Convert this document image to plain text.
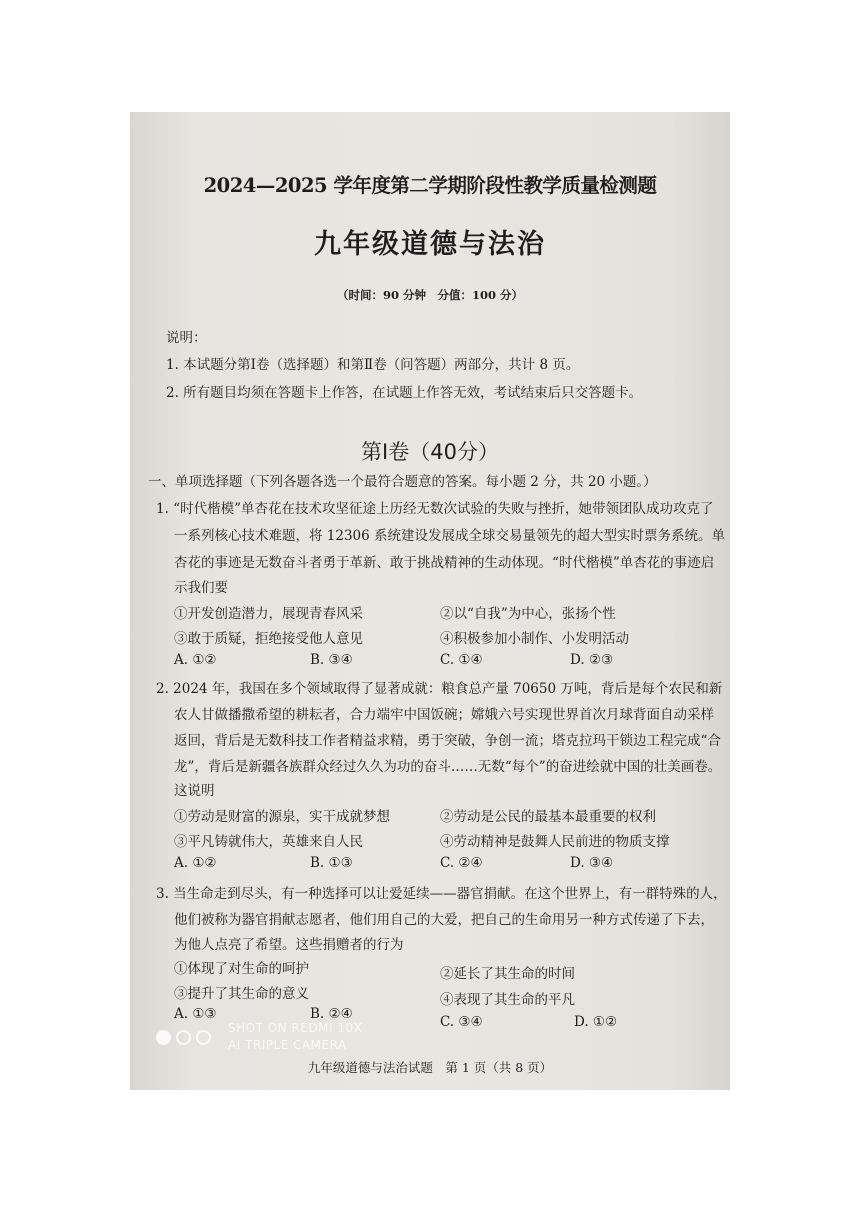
2024—2025 学年度第二学期阶段性教学质量检测题
九年级道德与法治
（时间：90 分钟　分值：100 分）
说明：
1. 本试题分第Ⅰ卷（选择题）和第Ⅱ卷（问答题）两部分，共计 8 页。
2. 所有题目均须在答题卡上作答，在试题上作答无效，考试结束后只交答题卡。
第Ⅰ卷（40分）
一、单项选择题（下列各题各选一个最符合题意的答案。每小题 2 分，共 20 小题。）
1. “时代楷模”单杏花在技术攻坚征途上历经无数次试验的失败与挫折，她带领团队成功攻克了
一系列核心技术难题，将 12306 系统建设发展成全球交易量领先的超大型实时票务系统。单
杏花的事迹是无数奋斗者勇于革新、敢于挑战精神的生动体现。“时代楷模”单杏花的事迹启
示我们要
①开发创造潜力，展现青春风采	②以“自我”为中心，张扬个性
③敢于质疑，拒绝接受他人意见	④积极参加小制作、小发明活动
A. ①②	B. ③④	C. ①④	D. ②③
2. 2024 年，我国在多个领域取得了显著成就：粮食总产量 70650 万吨，背后是每个农民和新
农人甘做播撒希望的耕耘者，合力端牢中国饭碗；嫦娥六号实现世界首次月球背面自动采样
返回，背后是无数科技工作者精益求精，勇于突破，争创一流；塔克拉玛干锁边工程完成“合
龙”，背后是新疆各族群众经过久久为功的奋斗……无数“每个”的奋进绘就中国的壮美画卷。
这说明
①劳动是财富的源泉，实干成就梦想	②劳动是公民的最基本最重要的权利
③平凡铸就伟大，英雄来自人民	④劳动精神是鼓舞人民前进的物质支撑
A. ①②	B. ①③	C. ②④	D. ③④
3. 当生命走到尽头，有一种选择可以让爱延续——器官捐献。在这个世界上，有一群特殊的人，
他们被称为器官捐献志愿者，他们用自己的大爱，把自己的生命用另一种方式传递了下去，
为他人点亮了希望。这些捐赠者的行为
①体现了对生命的呵护	②延长了其生命的时间
③提升了其生命的意义	④表现了其生命的平凡
A. ①③	B. ②④	C. ③④	D. ①②
SHOT ON REDMI 10X
AI TRIPLE CAMERA
九年级道德与法治试题　第 1 页（共 8 页）
